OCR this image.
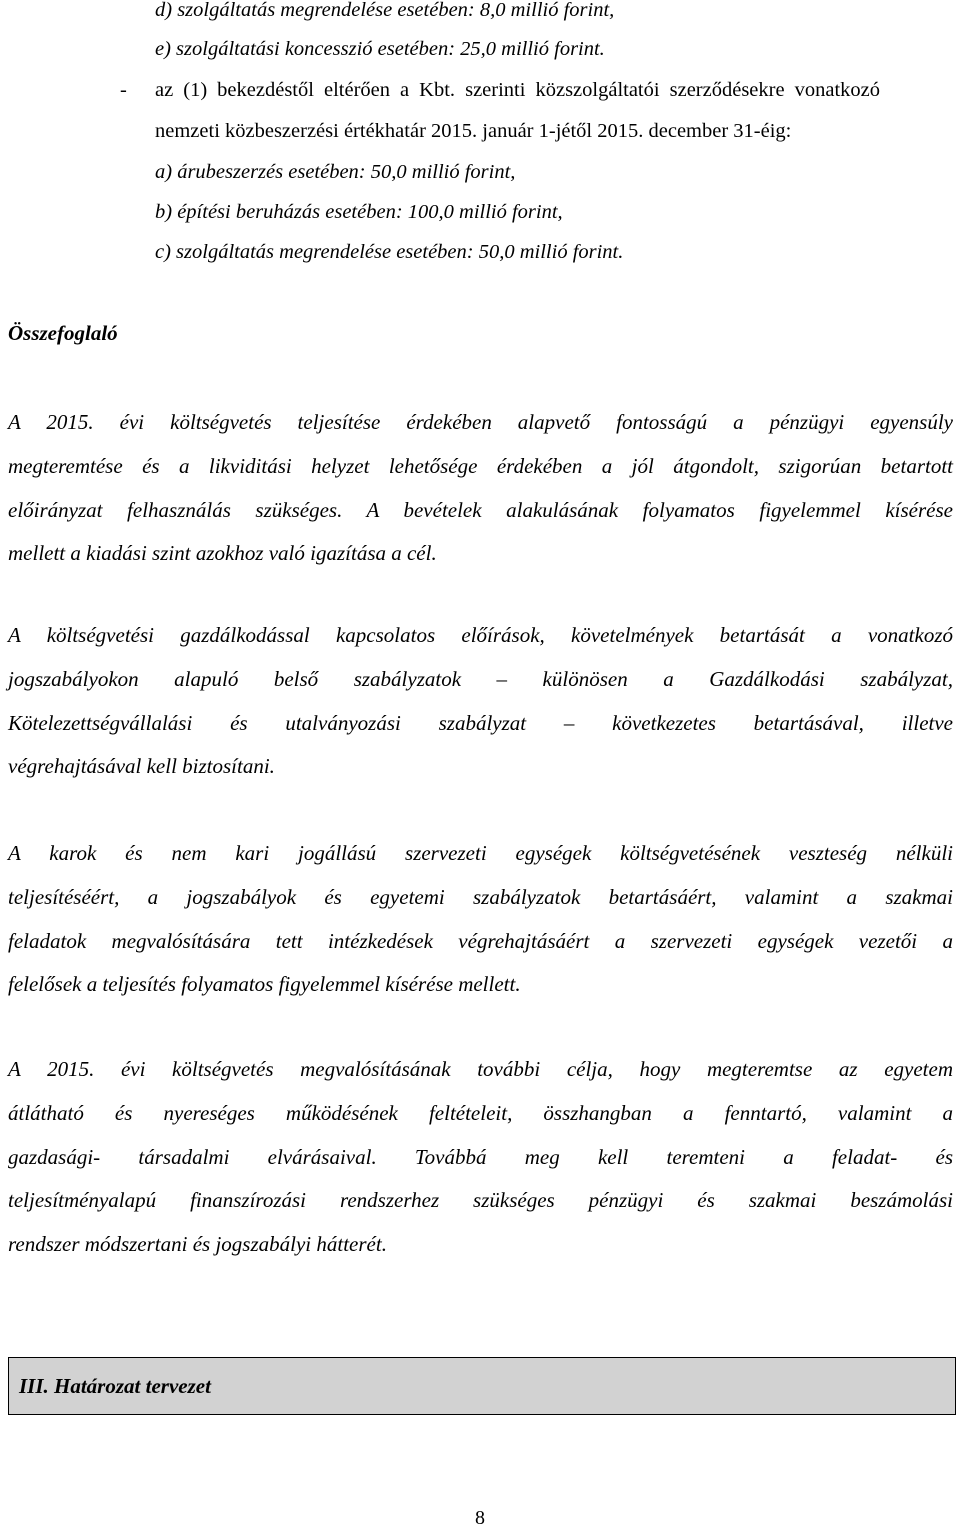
d) szolgáltatás megrendelése esetében: 8,0 millió forint,
e) szolgáltatási koncesszió esetében: 25,0 millió forint.
- az (1) bekezdéstől eltérően a Kbt. szerinti közszolgáltatói szerződésekre vonatkozó
nemzeti közbeszerzési értékhatár 2015. január 1-jétől 2015. december 31-éig:
a) árubeszerzés esetében: 50,0 millió forint,
b) építési beruházás esetében: 100,0 millió forint,
c) szolgáltatás megrendelése esetében: 50,0 millió forint.
Összefoglaló
A 2015. évi költségvetés teljesítése érdekében alapvető fontosságú a pénzügyi egyensúly
megteremtése és a likviditási helyzet lehetősége érdekében a jól átgondolt, szigorúan betartott
előirányzat felhasználás szükséges. A bevételek alakulásának folyamatos figyelemmel kísérése
mellett a kiadási szint azokhoz való igazítása a cél.
A költségvetési gazdálkodással kapcsolatos előírások, követelmények betartását a vonatkozó
jogszabályokon alapuló belső szabályzatok – különösen a Gazdálkodási szabályzat,
Kötelezettségvállalási és utalványozási szabályzat – következetes betartásával, illetve
végrehajtásával kell biztosítani.
A karok és nem kari jogállású szervezeti egységek költségvetésének veszteség nélküli
teljesítéséért, a jogszabályok és egyetemi szabályzatok betartásáért, valamint a szakmai
feladatok megvalósítására tett intézkedések végrehajtásáért a szervezeti egységek vezetői a
felelősek a teljesítés folyamatos figyelemmel kísérése mellett.
A 2015. évi költségvetés megvalósításának további célja, hogy megteremtse az egyetem
átlátható és nyereséges működésének feltételeit, összhangban a fenntartó, valamint a
gazdasági- társadalmi elvárásaival. Továbbá meg kell teremteni a feladat- és
teljesítményalapú finanszírozási rendszerhez szükséges pénzügyi és szakmai beszámolási
rendszer módszertani és jogszabályi hátterét.
III. Határozat tervezet
8
